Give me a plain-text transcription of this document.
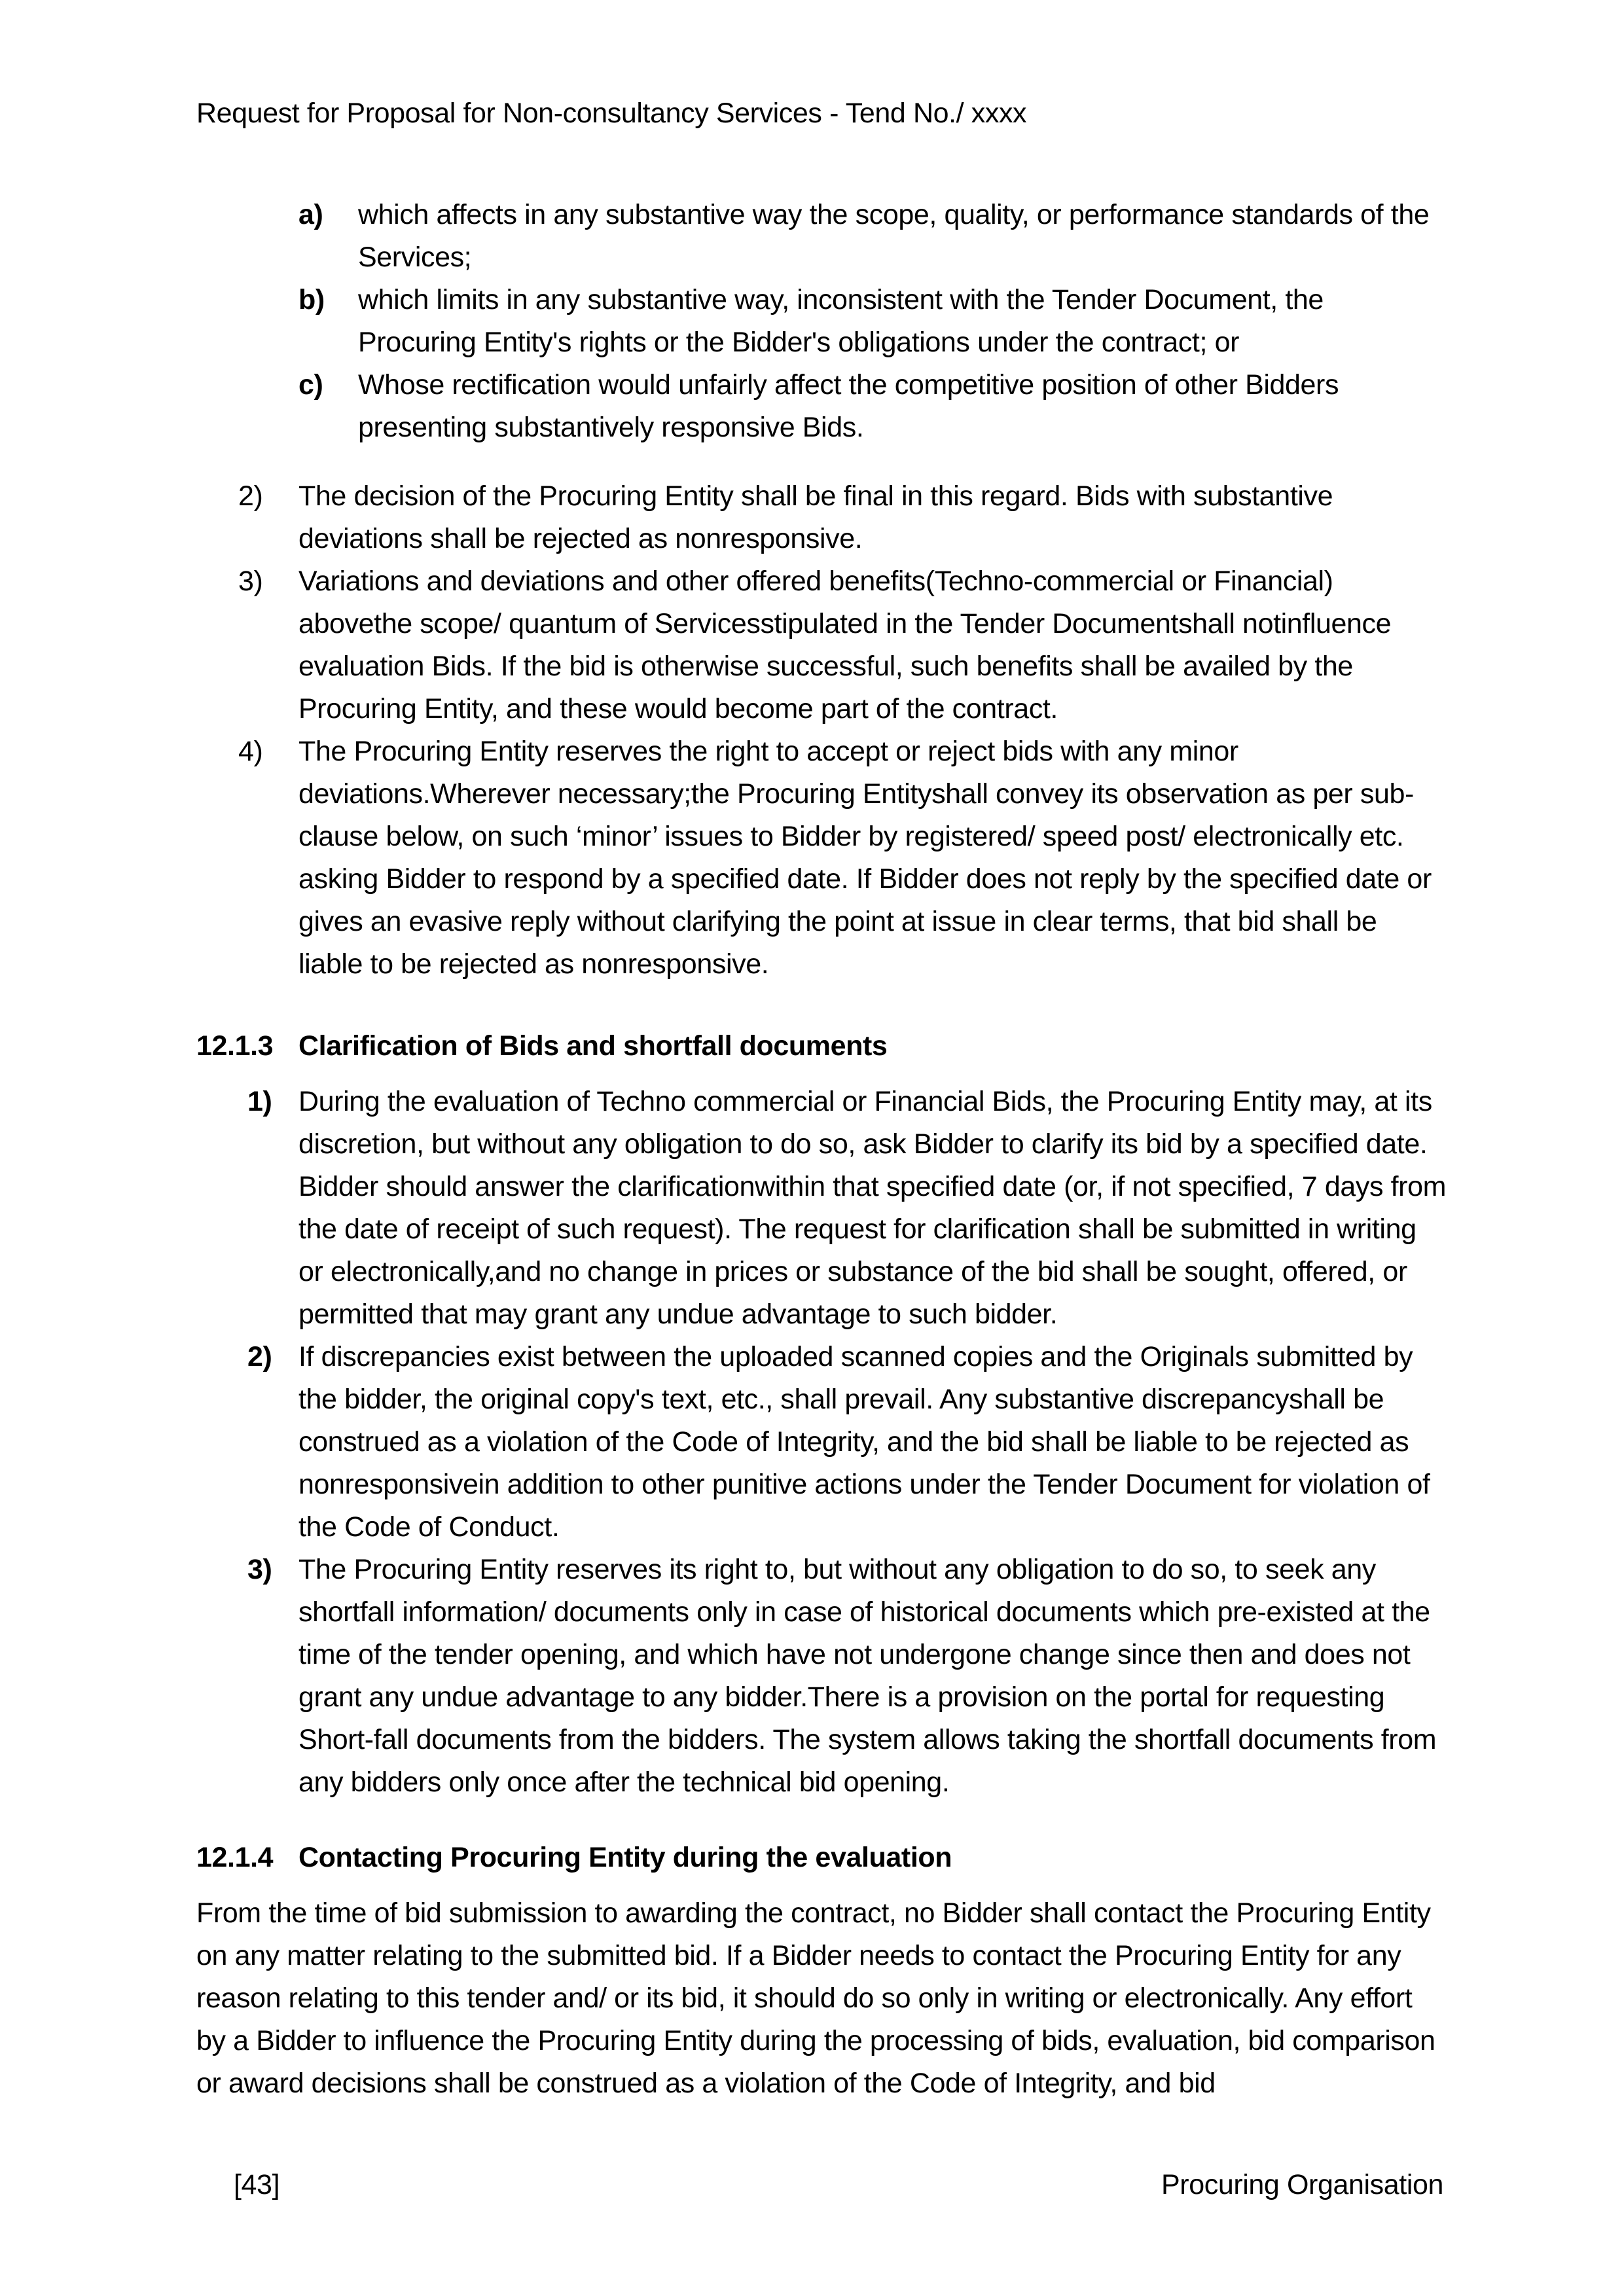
Request for Proposal for Non-consultancy Services - Tend No./ xxxx
a) which affects in any substantive way the scope, quality, or performance standards of the Services;
b) which limits in any substantive way, inconsistent with the Tender Document, the Procuring Entity's rights or the Bidder's obligations under the contract; or
c) Whose rectification would unfairly affect the competitive position of other Bidders presenting substantively responsive Bids.
2) The decision of the Procuring Entity shall be final in this regard. Bids with substantive deviations shall be rejected as nonresponsive.
3) Variations and deviations and other offered benefits(Techno-commercial or Financial) abovethe scope/ quantum of Servicesstipulated in the Tender Documentshall notinfluence evaluation Bids. If the bid is otherwise successful, such benefits shall be availed by the Procuring Entity, and these would become part of the contract.
4) The Procuring Entity reserves the right to accept or reject bids with any minor deviations.Wherever necessary;the Procuring Entityshall convey its observation as per sub-clause below, on such ‘minor’ issues to Bidder by registered/ speed post/ electronically etc. asking Bidder to respond by a specified date. If Bidder does not reply by the specified date or gives an evasive reply without clarifying the point at issue in clear terms, that bid shall be liable to be rejected as nonresponsive.
12.1.3 Clarification of Bids and shortfall documents
1) During the evaluation of Techno commercial or Financial Bids, the Procuring Entity may, at its discretion, but without any obligation to do so, ask Bidder to clarify its bid by a specified date. Bidder should answer the clarificationwithin that specified date (or, if not specified, 7 days from the date of receipt of such request). The request for clarification shall be submitted in writing or electronically,and no change in prices or substance of the bid shall be sought, offered, or permitted that may grant any undue advantage to such bidder.
2) If discrepancies exist between the uploaded scanned copies and the Originals submitted by the bidder, the original copy's text, etc., shall prevail. Any substantive discrepancyshall be construed as a violation of the Code of Integrity, and the bid shall be liable to be rejected as nonresponsivein addition to other punitive actions under the Tender Document for violation of the Code of Conduct.
3) The Procuring Entity reserves its right to, but without any obligation to do so, to seek any shortfall information/ documents only in case of historical documents which pre-existed at the time of the tender opening, and which have not undergone change since then and does not grant any undue advantage to any bidder.There is a provision on the portal for requesting Short-fall documents from the bidders. The system allows taking the shortfall documents from any bidders only once after the technical bid opening.
12.1.4 Contacting Procuring Entity during the evaluation
From the time of bid submission to awarding the contract, no Bidder shall contact the Procuring Entity on any matter relating to the submitted bid. If a Bidder needs to contact the Procuring Entity for any reason relating to this tender and/ or its bid, it should do so only in writing or electronically. Any effort by a Bidder to influence the Procuring Entity during the processing of bids, evaluation, bid comparison or award decisions shall be construed as a violation of the Code of Integrity, and bid
[43]	Procuring Organisation
